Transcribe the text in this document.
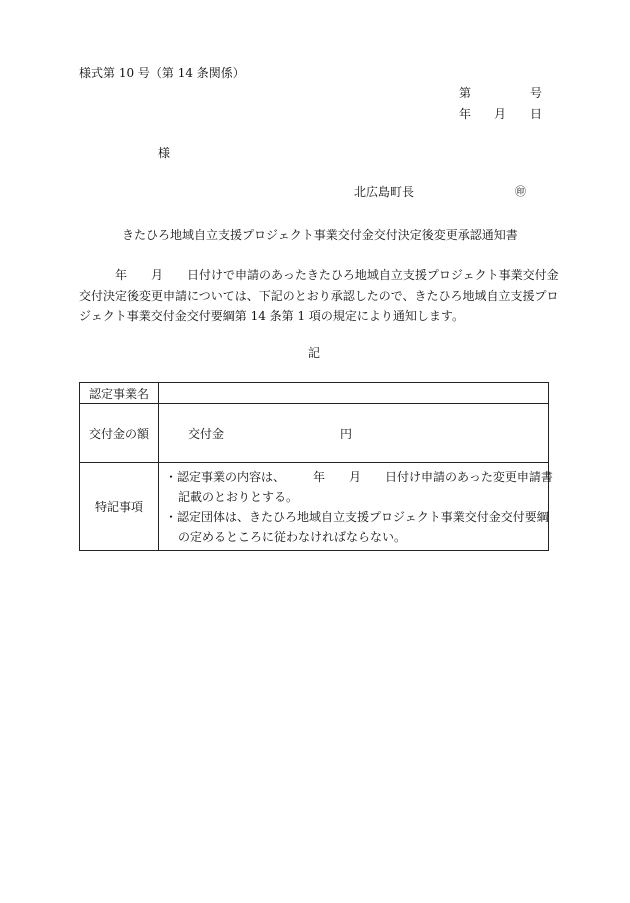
様式第 10 号（第 14 条関係）
第	号
年 月 日
様
北広島町長	㊞
きたひろ地域自立支援プロジェクト事業交付金交付決定後変更承認通知書
年 月 日付けで申請のあったきたひろ地域自立支援プロジェクト事業交付金
交付決定後変更申請については、下記のとおり承認したので、きたひろ地域自立支援プロ
ジェクト事業交付金交付要綱第 14 条第 1 項の規定により通知します。
記
認定事業名	
交付金の額	交付金 円

特記事項	・認定事業の内容は、 年 月 日付け申請のあった変更申請書
記載のとおりとする。
・認定団体は、きたひろ地域自立支援プロジェクト事業交付金交付要綱
の定めるところに従わなければならない。
